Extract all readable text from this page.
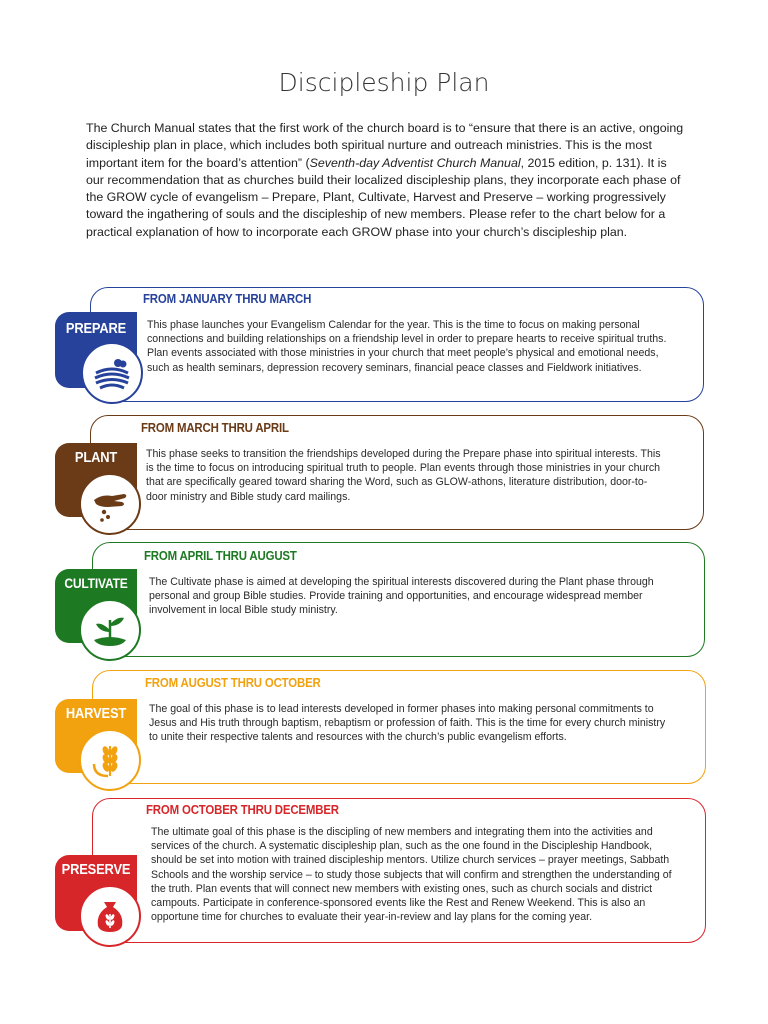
Discipleship Plan
The Church Manual states that the first work of the church board is to “ensure that there is an active, ongoing discipleship plan in place, which includes both spiritual nurture and outreach ministries. This is the most important item for the board’s attention” (Seventh-day Adventist Church Manual, 2015 edition, p. 131). It is our recommendation that as churches build their localized discipleship plans, they incorporate each phase of the GROW cycle of evangelism – Prepare, Plant, Cultivate, Harvest and Preserve – working progressively toward the ingathering of souls and the discipleship of new members. Please refer to the chart below for a practical explanation of how to incorporate each GROW phase into your church’s discipleship plan.
FROM JANUARY THRU MARCH
This phase launches your Evangelism Calendar for the year. This is the time to focus on making personal connections and building relationships on a friendship level in order to prepare hearts to receive spiritual truths. Plan events associated with those ministries in your church that meet people’s physical and emotional needs, such as health seminars, depression recovery seminars, financial peace classes and Fieldwork initiatives.
PREPARE
FROM MARCH THRU APRIL
This phase seeks to transition the friendships developed during the Prepare phase into spiritual interests. This is the time to focus on introducing spiritual truth to people. Plan events through those ministries in your church that are specifically geared toward sharing the Word, such as GLOW-athons, literature distribution, door-to-door ministry and Bible study card mailings.
PLANT
FROM APRIL THRU AUGUST
The Cultivate phase is aimed at developing the spiritual interests discovered during the Plant phase through personal and group Bible studies. Provide training and opportunities, and encourage widespread member involvement in local Bible study ministry.
CULTIVATE
FROM AUGUST THRU OCTOBER
The goal of this phase is to lead interests developed in former phases into making personal commitments to Jesus and His truth through baptism, rebaptism or profession of faith. This is the time for every church ministry to unite their respective talents and resources with the church’s public evangelism efforts.
HARVEST
FROM OCTOBER THRU DECEMBER
The ultimate goal of this phase is the discipling of new members and integrating them into the activities and services of the church. A systematic discipleship plan, such as the one found in the Discipleship Handbook, should be set into motion with trained discipleship mentors. Utilize church services – prayer meetings, Sabbath Schools and the worship service – to study those subjects that will confirm and strengthen the understanding of the truth. Plan events that will connect new members with existing ones, such as church socials and district campouts. Participate in conference-sponsored events like the Rest and Renew Weekend. This is also an opportune time for churches to evaluate their year-in-review and lay plans for the coming year.
PRESERVE
